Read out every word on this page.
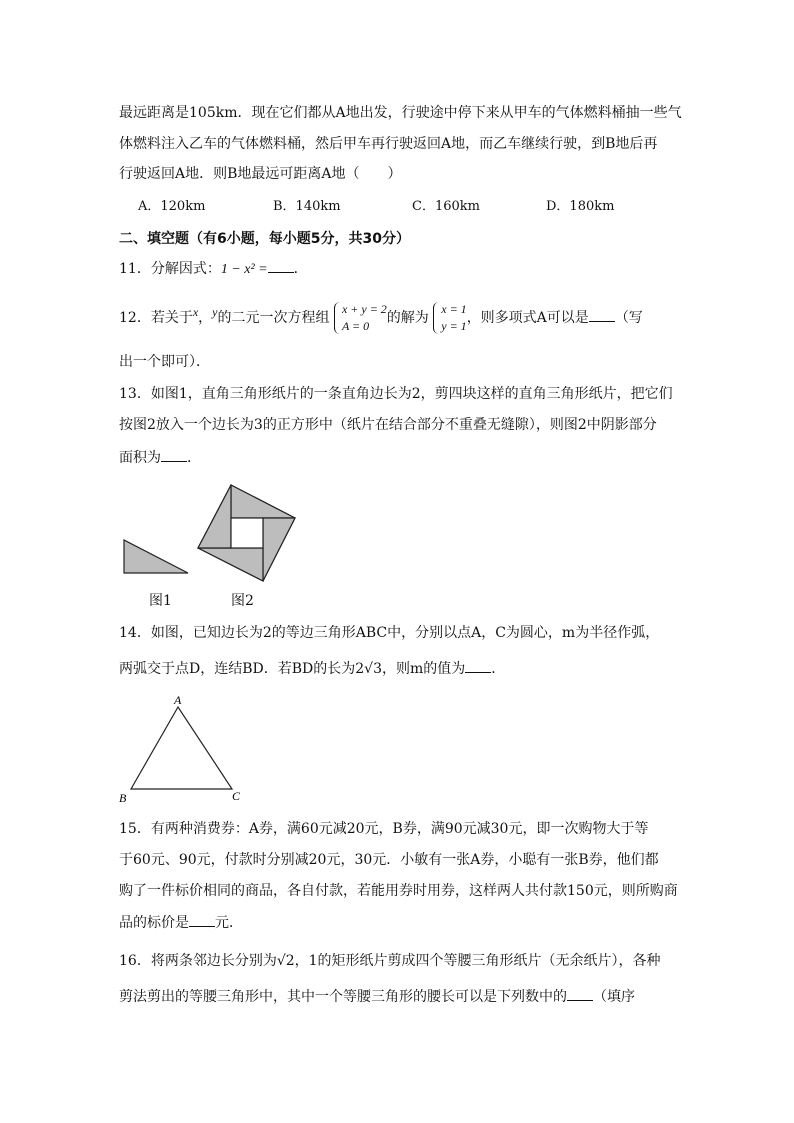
最远距离是105km．现在它们都从A地出发，行驶途中停下来从甲车的气体燃料桶抽一些气
体燃料注入乙车的气体燃料桶，然后甲车再行驶返回A地，而乙车继续行驶，到B地后再
行驶返回A地．则B地最远可距离A地（　　）
A．120km	B．140km	C．160km	D．180km
二、填空题（有6小题，每小题5分，共30分）
11．分解因式：1 − x² = ．
12．若关于x，y的二元一次方程组
x + y = 2
A = 0	的解为
x = 1
y = 1 ，则多项式A可以是 （写
出一个即可）．
13．如图1，直角三角形纸片的一条直角边长为2，剪四块这样的直角三角形纸片，把它们
按图2放入一个边长为3的正方形中（纸片在结合部分不重叠无缝隙），则图2中阴影部分
面积为 ．
图1	图2
14．如图，已知边长为2的等边三角形ABC中，分别以点A，C为圆心，m为半径作弧，
两弧交于点D，连结BD．若BD的长为2√3，则m的值为 ．
A
B	C
15．有两种消费券：A券，满60元减20元，B券，满90元减30元，即一次购物大于等
于60元、90元，付款时分别减20元，30元．小敏有一张A券，小聪有一张B券，他们都
购了一件标价相同的商品，各自付款，若能用券时用券，这样两人共付款150元，则所购商
品的标价是 元．
16．将两条邻边长分别为√2，1的矩形纸片剪成四个等腰三角形纸片（无余纸片），各种
剪法剪出的等腰三角形中，其中一个等腰三角形的腰长可以是下列数中的 （填序
